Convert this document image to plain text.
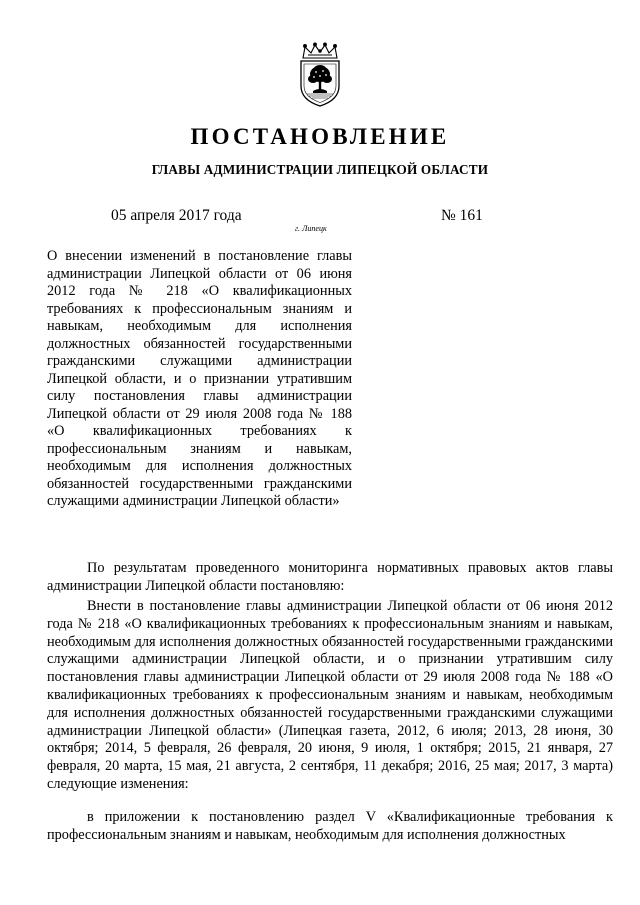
ПОСТАНОВЛЕНИЕ
ГЛАВЫ АДМИНИСТРАЦИИ ЛИПЕЦКОЙ ОБЛАСТИ
05 апреля 2017 года
г. Липецк
№ 161

О внесении изменений в постановление главы администрации Липецкой области от 06 июня 2012 года № 218 «О квалификационных требованиях к профессиональным знаниям и навыкам, необходимым для исполнения должностных обязанностей государственными гражданскими служащими администрации Липецкой области, и о признании утратившим силу постановления главы администрации Липецкой области от 29 июля 2008 года № 188 «О квалификационных требованиях к профессиональным знаниям и навыкам, необходимым для исполнения должностных обязанностей государственными гражданскими служащими администрации Липецкой области»

По результатам проведенного мониторинга нормативных правовых актов главы администрации Липецкой области постановляю:

Внести в постановление главы администрации Липецкой области от 06 июня 2012 года № 218 «О квалификационных требованиях к профессиональным знаниям и навыкам, необходимым для исполнения должностных обязанностей государственными гражданскими служащими администрации Липецкой области, и о признании утратившим силу постановления главы администрации Липецкой области от 29 июля 2008 года № 188 «О квалификационных требованиях к профессиональным знаниям и навыкам, необходимым для исполнения должностных обязанностей государственными гражданскими служащими администрации Липецкой области» (Липецкая газета, 2012, 6 июля; 2013, 28 июня, 30 октября; 2014, 5 февраля, 26 февраля, 20 июня, 9 июля, 1 октября; 2015, 21 января, 27 февраля, 20 марта, 15 мая, 21 августа, 2 сентября, 11 декабря; 2016, 25 мая; 2017, 3 марта) следующие изменения:

в приложении к постановлению раздел V «Квалификационные требования к профессиональным знаниям и навыкам, необходимым для исполнения должностных
